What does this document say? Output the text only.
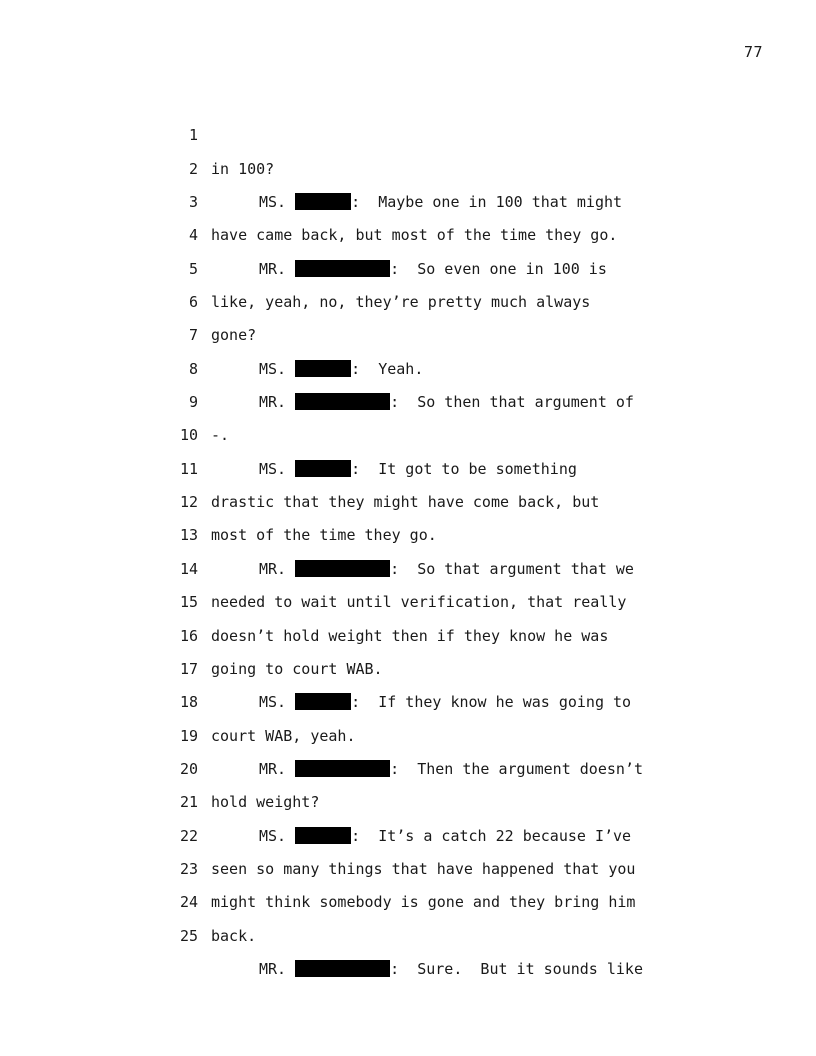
77

1

in 100?

2

MS.	:  Maybe one in 100 that might

3

have came back, but most of the time they go.

4

MR.	:  So even one in 100 is

5

like, yeah, no, they’re pretty much always

6

gone?

7

MS.	:  Yeah.

8

MR.	:  So then that argument of

9

-.

10

MS.	:  It got to be something

11

drastic that they might have come back, but

12

most of the time they go.

13

MR.	:  So that argument that we

14

needed to wait until verification, that really

15

doesn’t hold weight then if they know he was

16

going to court WAB.

17

MS.	:  If they know he was going to

18

court WAB, yeah.

19

MR.	:  Then the argument doesn’t

20

hold weight?

21

MS.	:  It’s a catch 22 because I’ve

22

seen so many things that have happened that you

23

might think somebody is gone and they bring him

24

back.

25

MR.	:  Sure.  But it sounds like
